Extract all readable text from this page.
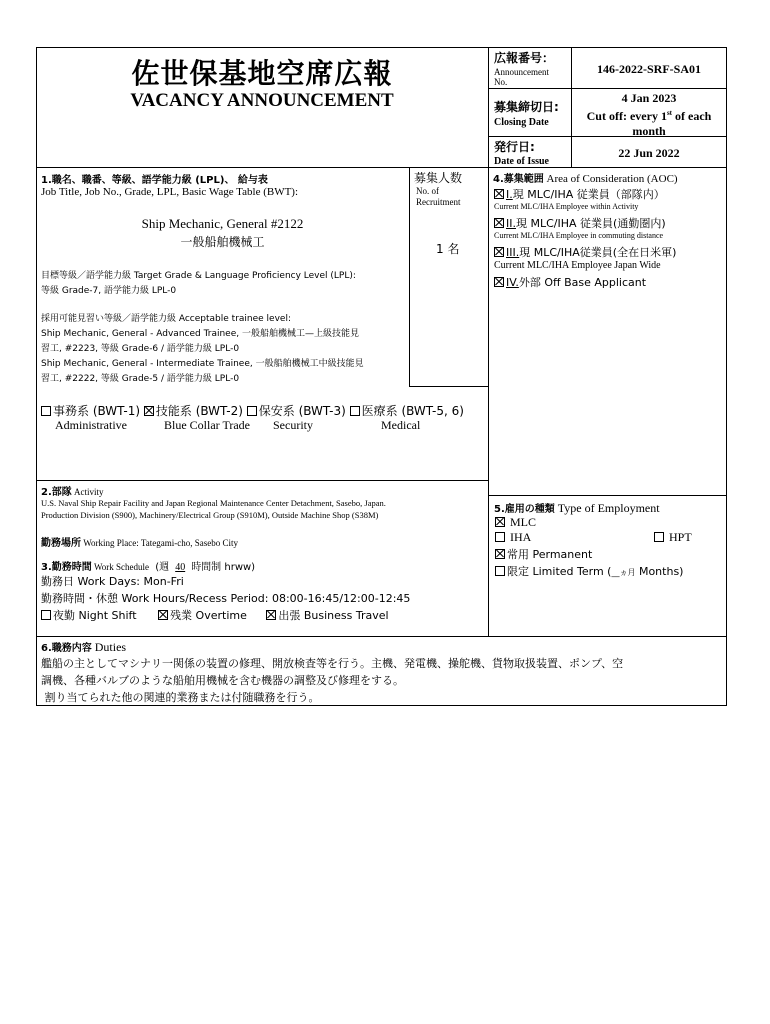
佐世保基地空席広報
VACANCY ANNOUNCEMENT
広報番号：
Announcement
No.
146-2022-SRF-SA01
募集締切日:
Closing Date
4 Jan 2023
Cut off: every 1st of each
month
発行日:
Date of Issue
22 Jun 2022
1.職名、職番、等級、語学能力級 (LPL)、 給与表
Job Title, Job No., Grade, LPL, Basic Wage Table (BWT):
Ship Mechanic, General #2122
一般船舶機械工
目標等級／語学能力級 Target Grade & Language Proficiency Level (LPL):
等級 Grade-7, 語学能力級 LPL-0
採用可能見習い等級／語学能力級 Acceptable trainee level:
Ship Mechanic, General - Advanced Trainee, 一般船舶機械工—上級技能見
習工, #2223, 等級 Grade-6 / 語学能力級 LPL-0
Ship Mechanic, General - Intermediate Trainee, 一般船舶機械工中級技能見
習工, #2222, 等級 Grade-5 / 語学能力級 LPL-0
事務系 (BWT-1) 技能系 (BWT-2) 保安系 (BWT-3) 医療系 (BWT-5, 6)
Administrative	Blue Collar Trade Security	Medical
募集人数
No. of
Recruitment
1 名
4.募集範囲 Area of Consideration (AOC)
I.現 MLC/IHA 従業員（部隊内）
Current MLC/IHA Employee within Activity
II.現 MLC/IHA 従業員(通勤圏内)
Current MLC/IHA Employee in commuting distance
III.現 MLC/IHA従業員(全在日米軍)
Current MLC/IHA Employee Japan Wide
IV.外部 Off Base Applicant
2.部隊 Activity
U.S. Naval Ship Repair Facility and Japan Regional Maintenance Center Detachment, Sasebo, Japan.
Production Division (S900), Machinery/Electrical Group (S910M), Outside Machine Shop (S38M)
勤務場所 Working Place: Tategami-cho, Sasebo City
3.勤務時間 Work Schedule (週 40 時間制 hrww)
勤務日 Work Days: Mon-Fri
勤務時間・休憩 Work Hours/Recess Period: 08:00-16:45/12:00-12:45
夜勤 Night Shift	残業 Overtime	出張 Business Travel
5.雇用の種類 Type of Employment
MLC
IHA	HPT
常用 Permanent
限定 Limited Term (__ヵ月 Months)
6.職務内容 Duties
艦船の主としてマシナリ一関係の装置の修理、開放検査等を行う。主機、発電機、操舵機、貨物取扱装置、ポンプ、空
調機、各種バルブのような船舶用機械を含む機器の調整及び修理をする。
割り当てられた他の関連的業務または付随職務を行う。
